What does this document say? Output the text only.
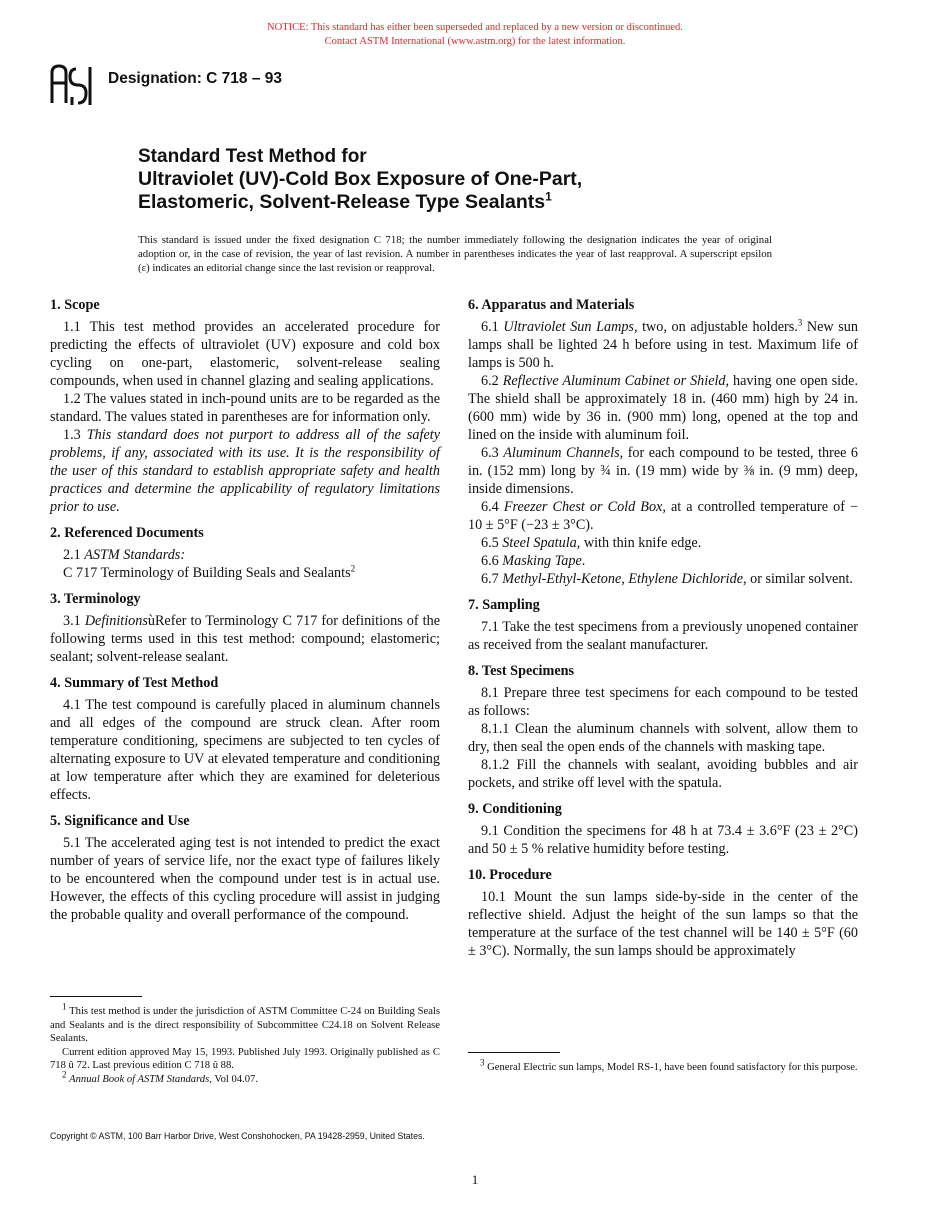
NOTICE: This standard has either been superseded and replaced by a new version or discontinued.
Contact ASTM International (www.astm.org) for the latest information.
Designation: C 718 – 93
Standard Test Method for
Ultraviolet (UV)-Cold Box Exposure of One-Part,
Elastomeric, Solvent-Release Type Sealants$^1$
This standard is issued under the fixed designation C 718; the number immediately following the designation indicates the year of original adoption or, in the case of revision, the year of last revision. A number in parentheses indicates the year of last reapproval. A superscript epsilon (ε) indicates an editorial change since the last revision or reapproval.
1. Scope

1.1 This test method provides an accelerated procedure for predicting the effects of ultraviolet (UV) exposure and cold box cycling on one-part, elastomeric, solvent-release sealing compounds, when used in channel glazing and sealing applications.

1.2 The values stated in inch-pound units are to be regarded as the standard. The values stated in parentheses are for information only.

1.3 This standard does not purport to address all of the safety problems, if any, associated with its use. It is the responsibility of the user of this standard to establish appropriate safety and health practices and determine the applicability of regulatory limitations prior to use.

2. Referenced Documents

2.1 ASTM Standards:

C 717 Terminology of Building Seals and Sealants$^2$

3. Terminology

3.1 DefinitionsùRefer to Terminology C 717 for definitions of the following terms used in this test method: compound; elastomeric; sealant; solvent-release sealant.

4. Summary of Test Method

4.1 The test compound is carefully placed in aluminum channels and all edges of the compound are struck clean. After room temperature conditioning, specimens are subjected to ten cycles of alternating exposure to UV at elevated temperature and conditioning at low temperature after which they are examined for deleterious effects.

5. Significance and Use

5.1 The accelerated aging test is not intended to predict the exact number of years of service life, nor the exact type of failures likely to be encountered when the compound under test is in actual use. However, the effects of this cycling procedure will assist in judging the probable quality and overall performance of the compound.

6. Apparatus and Materials

6.1 Ultraviolet Sun Lamps, two, on adjustable holders.$^3$ New sun lamps shall be lighted 24 h before using in test. Maximum life of lamps is 500 h.

6.2 Reflective Aluminum Cabinet or Shield, having one open side. The shield shall be approximately 18 in. (460 mm) high by 24 in. (600 mm) wide by 36 in. (900 mm) long, opened at the top and lined on the inside with aluminum foil.

6.3 Aluminum Channels, for each compound to be tested, three 6 in. (152 mm) long by ¾ in. (19 mm) wide by ⅜ in. (9 mm) deep, inside dimensions.

6.4 Freezer Chest or Cold Box, at a controlled temperature of − 10 ± 5°F (−23 ± 3°C).

6.5 Steel Spatula, with thin knife edge.

6.6 Masking Tape.

6.7 Methyl-Ethyl-Ketone, Ethylene Dichloride, or similar solvent.

7. Sampling

7.1 Take the test specimens from a previously unopened container as received from the sealant manufacturer.

8. Test Specimens

8.1 Prepare three test specimens for each compound to be tested as follows:

8.1.1 Clean the aluminum channels with solvent, allow them to dry, then seal the open ends of the channels with masking tape.

8.1.2 Fill the channels with sealant, avoiding bubbles and air pockets, and strike off level with the spatula.

9. Conditioning

9.1 Condition the specimens for 48 h at 73.4 ± 3.6°F (23 ± 2°C) and 50 ± 5 % relative humidity before testing.

10. Procedure

10.1 Mount the sun lamps side-by-side in the center of the reflective shield. Adjust the height of the sun lamps so that the temperature at the surface of the test channel will be 140 ± 5°F (60 ± 3°C). Normally, the sun lamps should be approximately

$^1$ This test method is under the jurisdiction of ASTM Committee C-24 on Building Seals and Sealants and is the direct responsibility of Subcommittee C24.18 on Solvent Release Sealants.

Current edition approved May 15, 1993. Published July 1993. Originally published as C 718 û 72. Last previous edition C 718 û 88.

$^2$ Annual Book of ASTM Standards, Vol 04.07.

$^3$ General Electric sun lamps, Model RS-1, have been found satisfactory for this purpose.

Copyright © ASTM, 100 Barr Harbor Drive, West Conshohocken, PA 19428-2959, United States.
1
